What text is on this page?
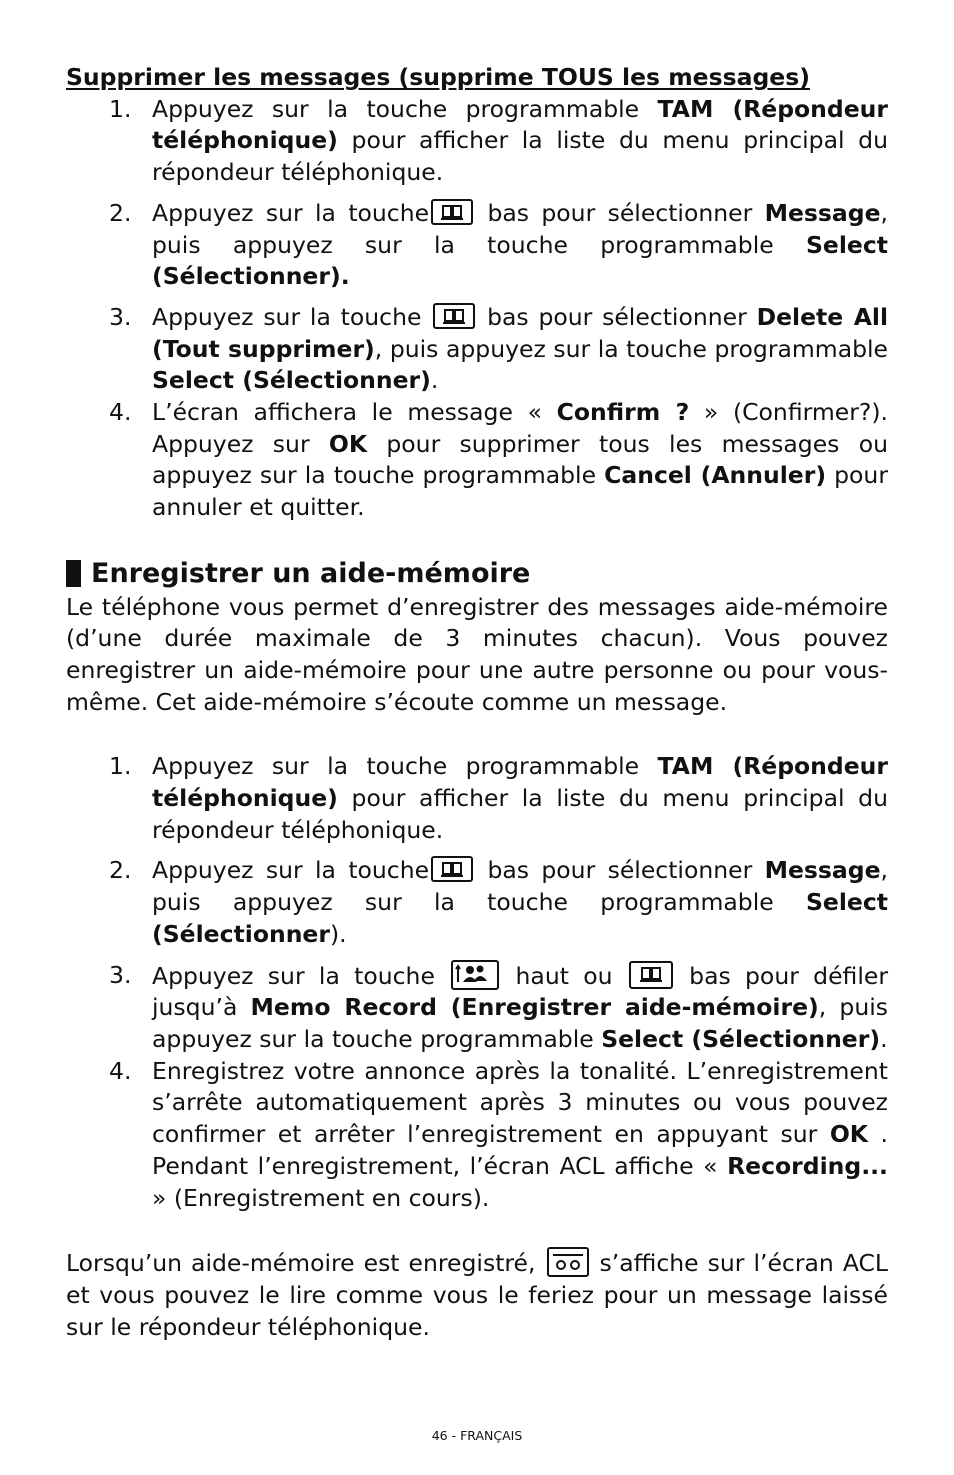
Supprimer les messages (supprime TOUS les messages)

1. Appuyez sur la touche programmable TAM (Répondeur téléphonique) pour afficher la liste du menu principal du répondeur téléphonique.
2. Appuyez sur la touche
bas pour sélectionner Message, puis appuyez sur la touche programmable Select (Sélectionner).
3. Appuyez sur la touche
bas pour sélectionner Delete All (Tout supprimer), puis appuyez sur la touche programmable Select (Sélectionner).
4. L’écran affichera le message « Confirm ? » (Confirmer?). Appuyez sur OK pour supprimer tous les messages ou appuyez sur la touche programmable Cancel (Annuler) pour annuler et quitter.
Enregistrer un aide-mémoire

Le téléphone vous permet d’enregistrer des messages aide-mémoire (d’une durée maximale de 3 minutes chacun). Vous pouvez enregistrer un aide-mémoire pour une autre personne ou pour vous-même. Cet aide-mémoire s’écoute comme un message.

1. Appuyez sur la touche programmable TAM (Répondeur téléphonique) pour afficher la liste du menu principal du répondeur téléphonique.
2. Appuyez sur la touche
bas pour sélectionner Message, puis appuyez sur la touche programmable Select (Sélectionner).
3. Appuyez sur la touche
haut ou
bas pour défiler jusqu’à Memo Record (Enregistrer aide-mémoire), puis appuyez sur la touche programmable Select (Sélectionner).
4. Enregistrez votre annonce après la tonalité. L’enregistrement s’arrête automatiquement après 3 minutes ou vous pouvez confirmer et arrêter l’enregistrement en appuyant sur OK . Pendant l’enregistrement, l’écran ACL affiche « Recording... » (Enregistrement en cours).

Lorsqu’un aide-mémoire est enregistré,
s’affiche sur l’écran ACL et vous pouvez le lire comme vous le feriez pour un message laissé sur le répondeur téléphonique.

46 - FRANÇAIS
